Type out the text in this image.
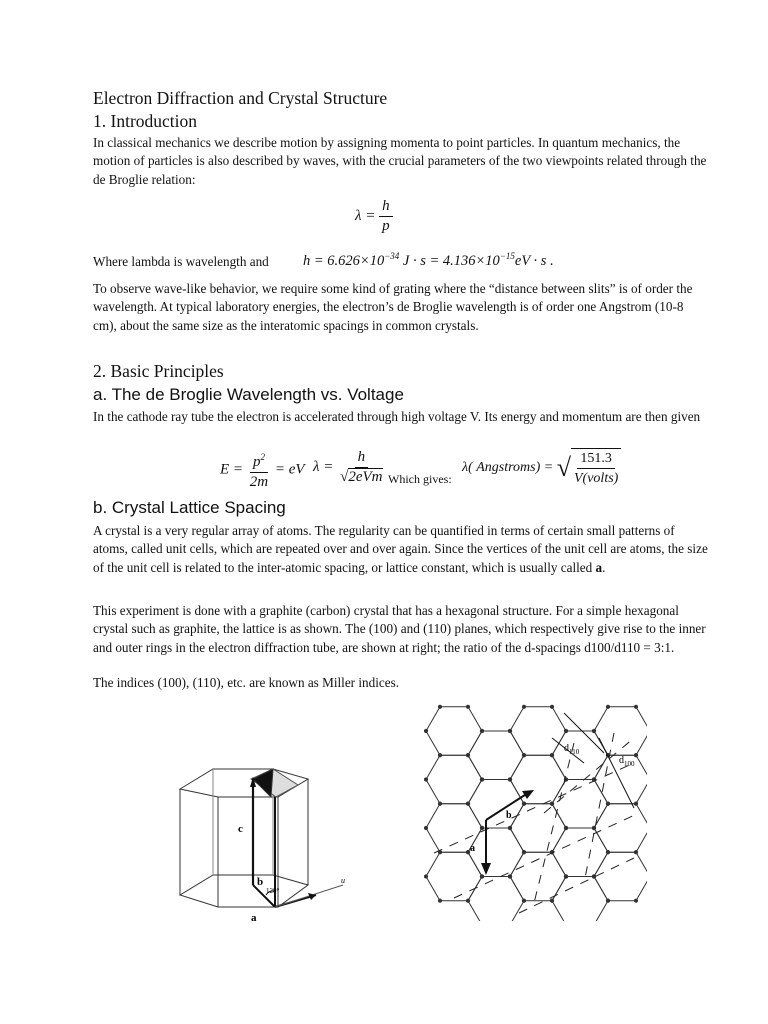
Electron Diffraction and Crystal Structure
1. Introduction
In classical mechanics we describe motion by assigning momenta to point particles. In quantum mechanics, the motion of particles is also described by waves, with the crucial parameters of the two viewpoints related through the de Broglie relation:
$\lambda = \frac{h}{p}$
Where lambda is wavelength and $h = 6.626\times 10^{-34}$ $J \cdot s = 4.136\times 10^{-15}eV \cdot s$ .
To observe wave-like behavior, we require some kind of grating where the “distance between slits” is of order the wavelength. At typical laboratory energies, the electron’s de Broglie wavelength is of order one Angstrom (10-8 cm), about the same size as the interatomic spacings in common crystals.
2. Basic Principles
a. The de Broglie Wavelength vs. Voltage
In the cathode ray tube the electron is accelerated through high voltage V. Its energy and momentum are then given
$E = \frac{p^2}{2m}$ = eV $\lambda = \frac{h}{\text{√2eVm}}$ Which gives:
λ( Angstroms) = √ $\frac{151.3}{\text{V(volts)}}$
b. Crystal Lattice Spacing
A crystal is a very regular array of atoms. The regularity can be quantified in terms of certain small patterns of atoms, called unit cells, which are repeated over and over again. Since the vertices of the unit cell are atoms, the size of the unit cell is related to the inter-atomic spacing, or lattice constant, which is usually called a.
This experiment is done with a graphite (carbon) crystal that has a hexagonal structure. For a simple hexagonal crystal such as graphite, the lattice is as shown. The (100) and (110) planes, which respectively give rise to the inner and outer rings in the electron diffraction tube, are shown at right; the ratio of the d-spacings d100/d110 = 3:1.
The indices (100), (110), etc. are known as Miller indices.
c
b
120°
a
u
$d_{110}$
$d_{100}$
b
a
